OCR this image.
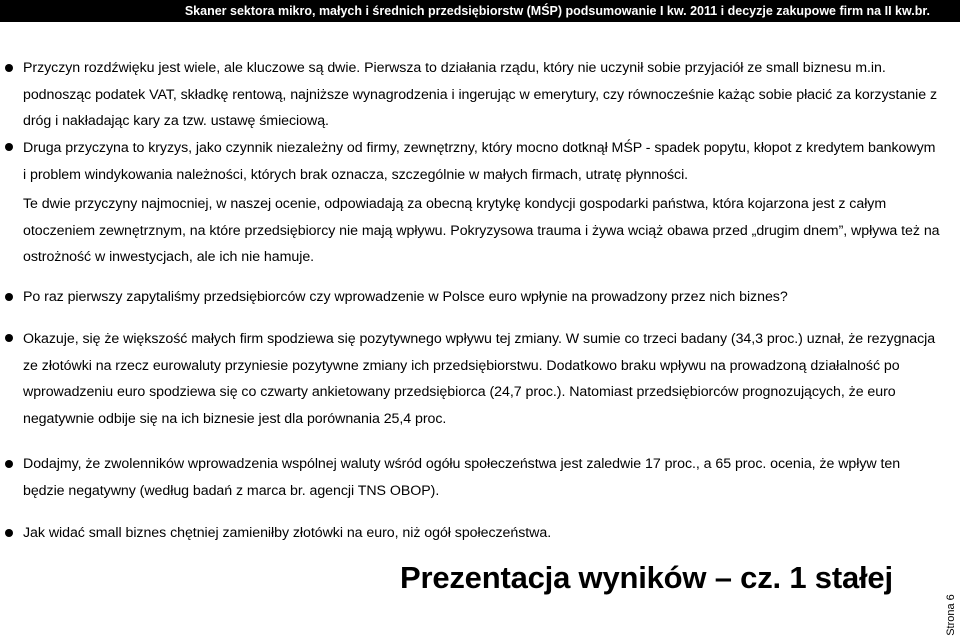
Skaner sektora mikro, małych i średnich przedsiębiorstw (MŚP) podsumowanie I kw. 2011 i decyzje zakupowe firm na II kw.br.
Przyczyn rozdźwięku jest wiele, ale kluczowe są dwie. Pierwsza to działania rządu, który nie uczynił sobie przyjaciół ze small biznesu m.in. podnosząc podatek VAT, składkę rentową, najniższe wynagrodzenia i ingerując w emerytury, czy równocześnie każąc sobie płacić za korzystanie z dróg i nakładając kary za tzw. ustawę śmieciową.
Druga przyczyna to kryzys, jako czynnik niezależny od firmy, zewnętrzny, który mocno dotknął MŚP - spadek popytu, kłopot z kredytem bankowym i problem windykowania należności, których brak oznacza, szczególnie w małych firmach, utratę płynności.
Te dwie przyczyny najmocniej, w naszej ocenie, odpowiadają za obecną krytykę kondycji gospodarki państwa, która kojarzona jest z całym otoczeniem zewnętrznym, na które przedsiębiorcy nie mają wpływu. Pokryzysowa trauma i żywa wciąż obawa przed „drugim dnem”, wpływa też na ostrożność w inwestycjach, ale ich nie hamuje.
Po raz pierwszy zapytaliśmy przedsiębiorców czy wprowadzenie w Polsce euro wpłynie na prowadzony przez nich biznes?
Okazuje, się że większość małych firm spodziewa się pozytywnego wpływu tej zmiany. W sumie co trzeci badany (34,3 proc.) uznał, że rezygnacja ze złotówki na rzecz eurowaluty przyniesie pozytywne zmiany ich przedsiębiorstwu. Dodatkowo braku wpływu na prowadzoną działalność po wprowadzeniu euro spodziewa się co czwarty ankietowany przedsiębiorca (24,7 proc.). Natomiast przedsiębiorców prognozujących, że euro negatywnie odbije się na ich biznesie jest dla porównania 25,4 proc.
Dodajmy, że zwolenników wprowadzenia wspólnej waluty wśród ogółu społeczeństwa jest zaledwie 17 proc., a 65 proc. ocenia, że wpływ ten będzie negatywny (według badań z marca br. agencji TNS OBOP).
Jak widać small biznes chętniej zamieniłby złotówki na euro, niż ogół społeczeństwa.
Prezentacja wyników – cz. 1 stałej
Strona 6
